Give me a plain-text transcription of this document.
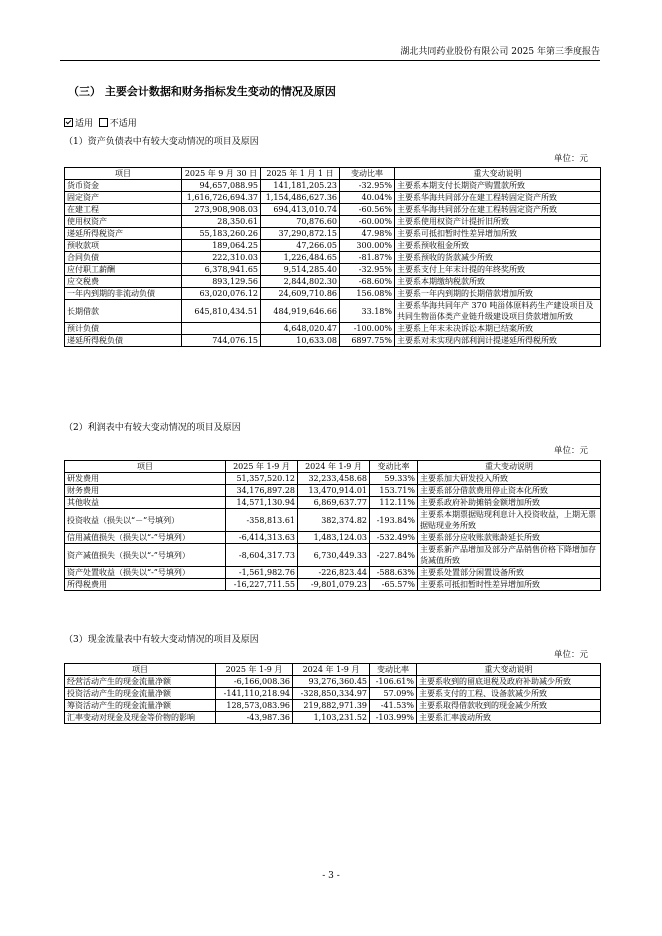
湖北共同药业股份有限公司 2025 年第三季度报告
（三） 主要会计数据和财务指标发生变动的情况及原因
适用 不适用
（1）资产负债表中有较大变动情况的项目及原因
单位：元
项目	2025 年 9 月 30 日	2025 年 1 月 1 日	变动比率	重大变动说明
货币资金	94,657,088.95	141,181,205.23	-32.95%	主要系本期支付长期资产购置款所致
固定资产	1,616,726,694.37	1,154,486,627.36	40.04%	主要系华海共同部分在建工程转固定资产所致
在建工程	273,908,908.03	694,413,010.74	-60.56%	主要系华海共同部分在建工程转固定资产所致
使用权资产	28,350.61	70,876.60	-60.00%	主要系使用权资产计提折旧所致
递延所得税资产	55,183,260.26	37,290,872.15	47.98%	主要系可抵扣暂时性差异增加所致
预收款项	189,064.25	47,266.05	300.00%	主要系预收租金所致
合同负债	222,310.03	1,226,484.65	-81.87%	主要系预收的货款减少所致
应付职工薪酬	6,378,941.65	9,514,285.40	-32.95%	主要系支付上年末计提的年终奖所致
应交税费	893,129.56	2,844,802.30	-68.60%	主要系本期缴纳税款所致
一年内到期的非流动负债	63,020,076.12	24,609,710.86	156.08%	主要系一年内到期的长期借款增加所致
长期借款	645,810,434.51	484,919,646.66	33.18%	主要系华海共同年产 370 吨甾体原料药生产建设项目及共同生物甾体类产业链升级建设项目贷款增加所致
预计负债		4,648,020.47	-100.00%	主要系上年末未决诉讼本期已结案所致
递延所得税负债	744,076.15	10,633.08	6897.75%	主要系对未实现内部利润计提递延所得税所致
（2）利润表中有较大变动情况的项目及原因
单位：元
项目	2025 年 1-9 月	2024 年 1-9 月	变动比率	重大变动说明
研发费用	51,357,520.12	32,233,458.68	59.33%	主要系加大研发投入所致
财务费用	34,176,897.28	13,470,914.01	153.71%	主要系部分借款费用停止资本化所致
其他收益	14,571,130.94	6,869,637.77	112.11%	主要系政府补助摊销金额增加所致
投资收益（损失以“－”号填列）	-358,813.61	382,374.82	-193.84%	主要系本期票据贴现利息计入投资收益，上期无票据贴现业务所致
信用减值损失（损失以“-”号填列）	-6,414,313.63	1,483,124.03	-532.49%	主要系部分应收账款账龄延长所致
资产减值损失（损失以“-”号填列）	-8,604,317.73	6,730,449.33	-227.84%	主要系新产品增加及部分产品销售价格下降增加存货减值所致
资产处置收益（损失以“-”号填列）	-1,561,982.76	-226,823.44	-588.63%	主要系处置部分闲置设备所致
所得税费用	-16,227,711.55	-9,801,079.23	-65.57%	主要系可抵扣暂时性差异增加所致
（3）现金流量表中有较大变动情况的项目及原因
单位：元
项目	2025 年 1-9 月	2024 年 1-9 月	变动比率	重大变动说明
经营活动产生的现金流量净额	-6,166,008.36	93,276,360.45	-106.61%	主要系收到的留底退税及政府补助减少所致
投资活动产生的现金流量净额	-141,110,218.94	-328,850,334.97	57.09%	主要系支付的工程、设备款减少所致
筹资活动产生的现金流量净额	128,573,083.96	219,882,971.39	-41.53%	主要系取得借款收到的现金减少所致
汇率变动对现金及现金等价物的影响	-43,987.36	1,103,231.52	-103.99%	主要系汇率波动所致
- 3 -
